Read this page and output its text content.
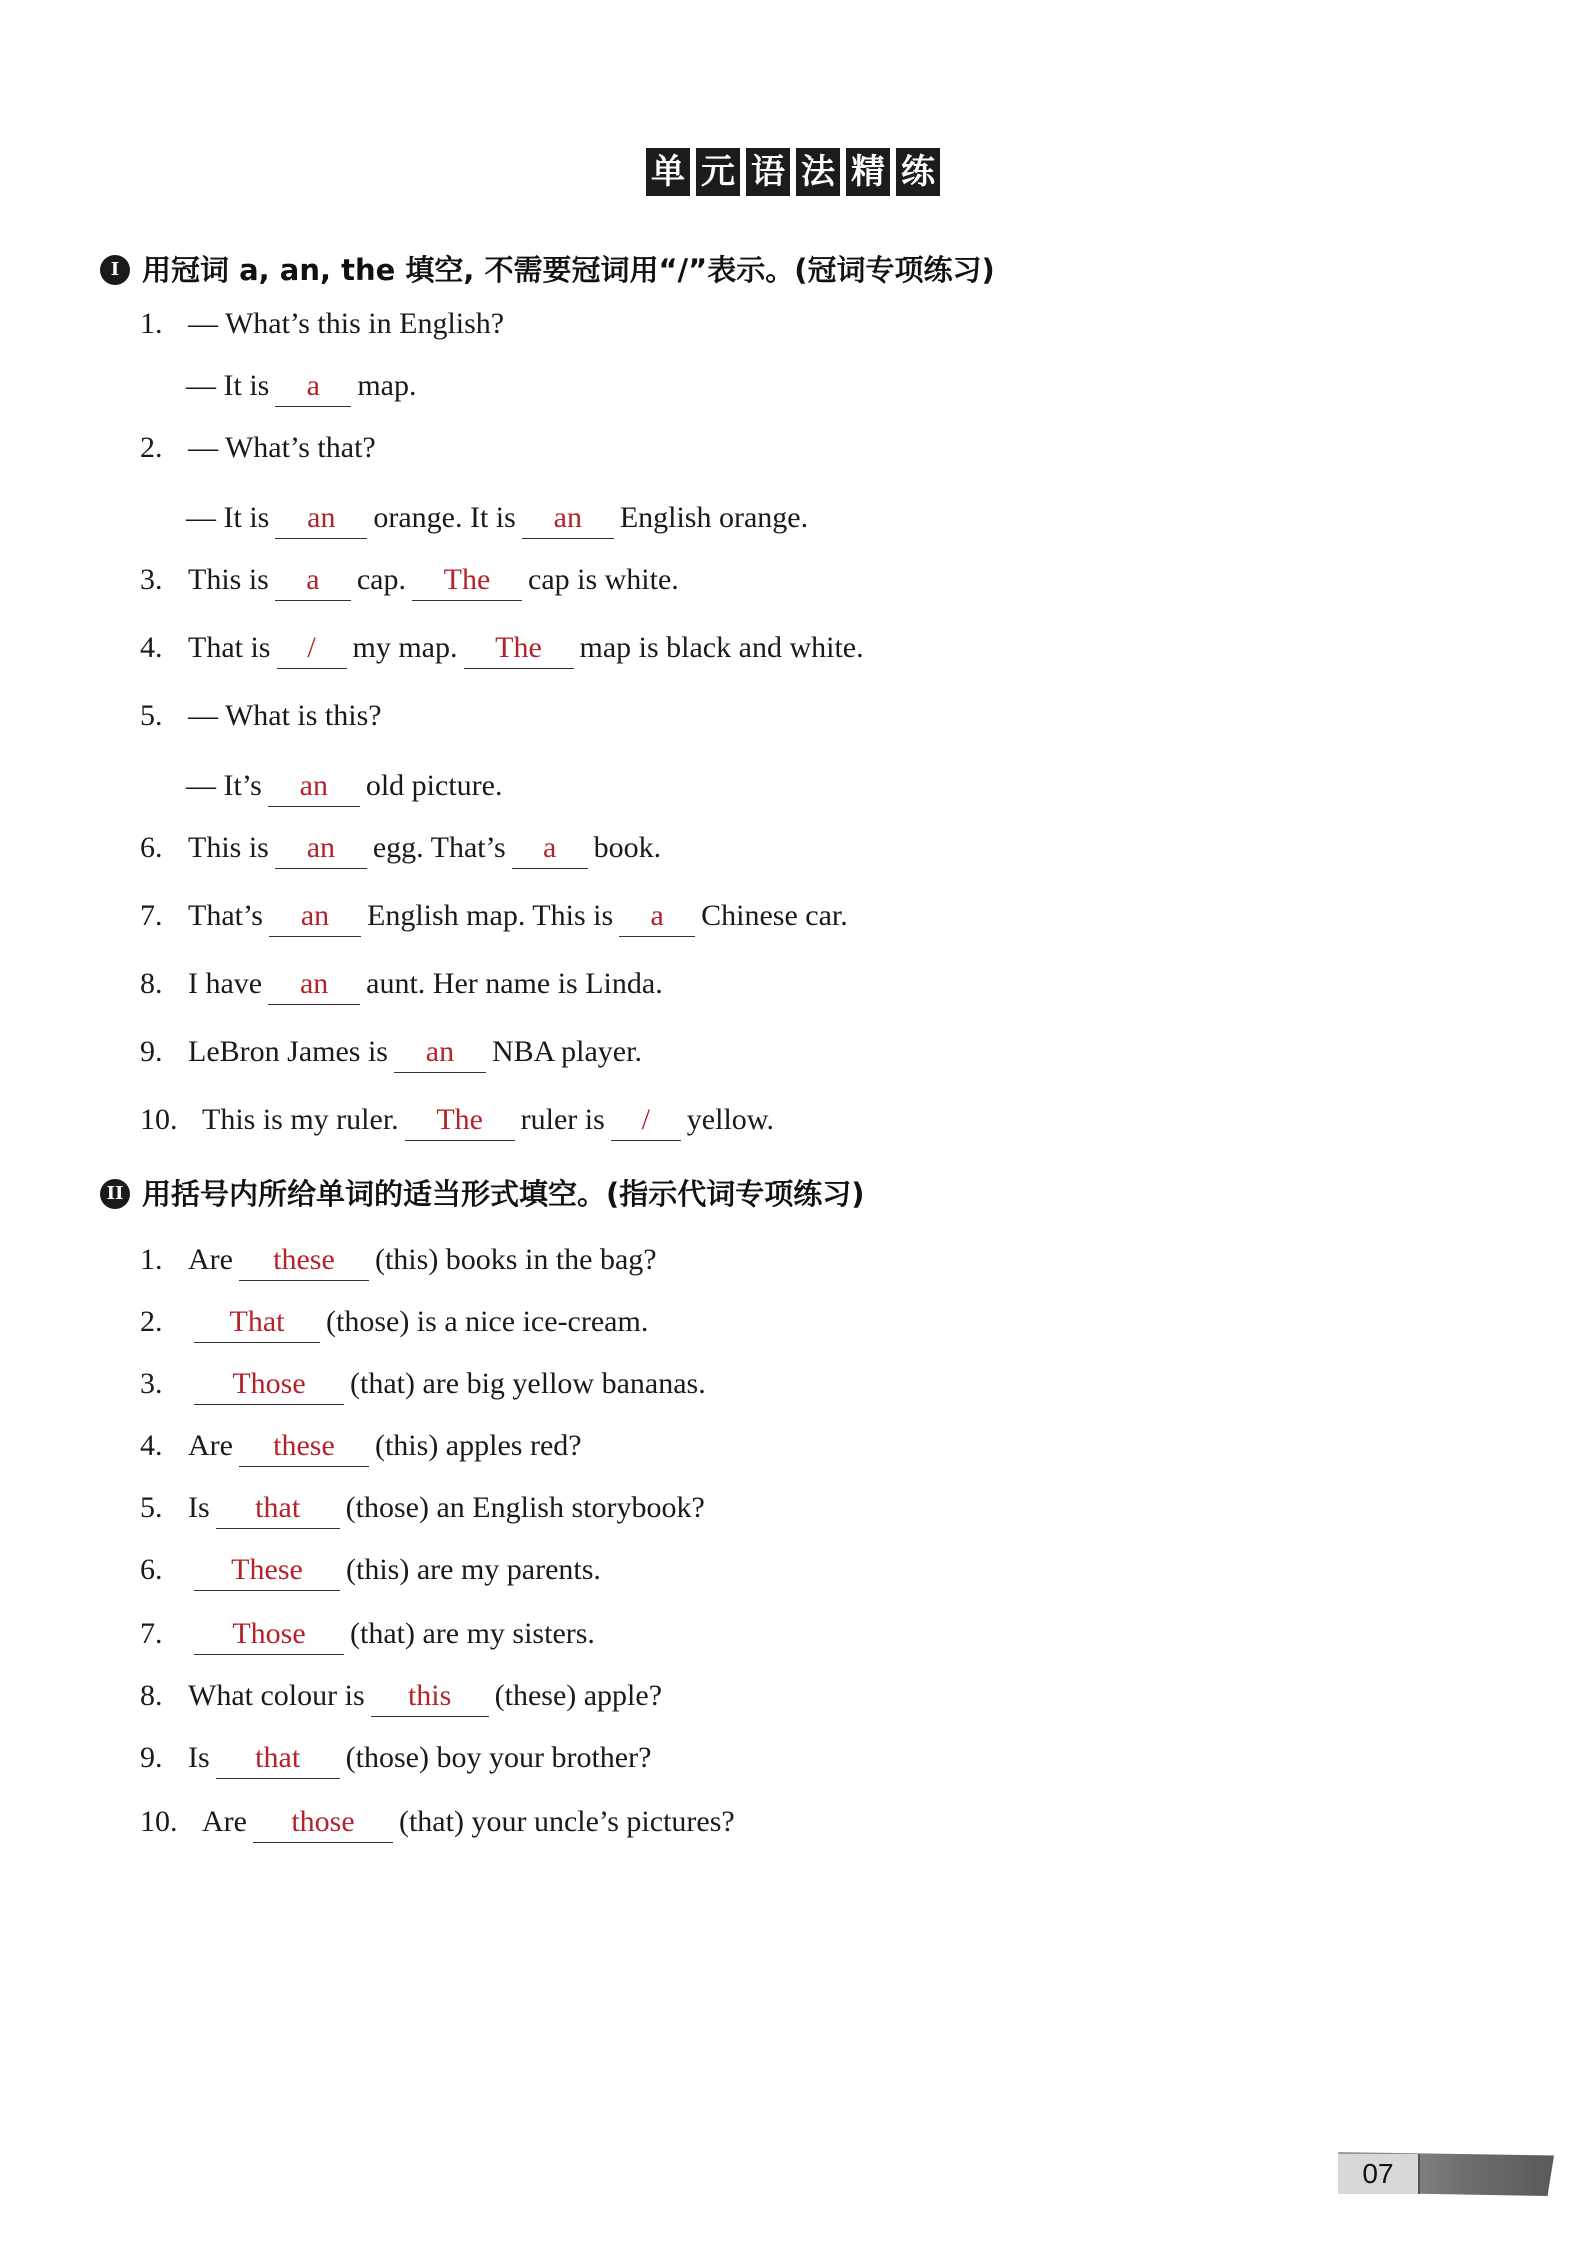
单 元 语 法 精 练
I 用冠词 a, an, the 填空, 不需要冠词用“/”表示。(冠词专项练习)
II 用括号内所给单词的适当形式填空。(指示代词专项练习)
1. — What’s this in English?
— It is a map.
2. — What’s that?
— It is an orange. It is an English orange.
3. This is a cap. The cap is white.
4. That is / my map. The map is black and white.
5. — What is this?
— It’s an old picture.
6. This is an egg. That’s a book.
7. That’s an English map. This is a Chinese car.
8. I have an aunt. Her name is Linda.
9. LeBron James is an NBA player.
10. This is my ruler. The ruler is / yellow.
1. Are these (this) books in the bag?
2. That (those) is a nice ice-cream.
3. Those (that) are big yellow bananas.
4. Are these (this) apples red?
5. Is that (those) an English storybook?
6. These (this) are my parents.
7. Those (that) are my sisters.
8. What colour is this (these) apple?
9. Is that (those) boy your brother?
10. Are those (that) your uncle’s pictures?
07
